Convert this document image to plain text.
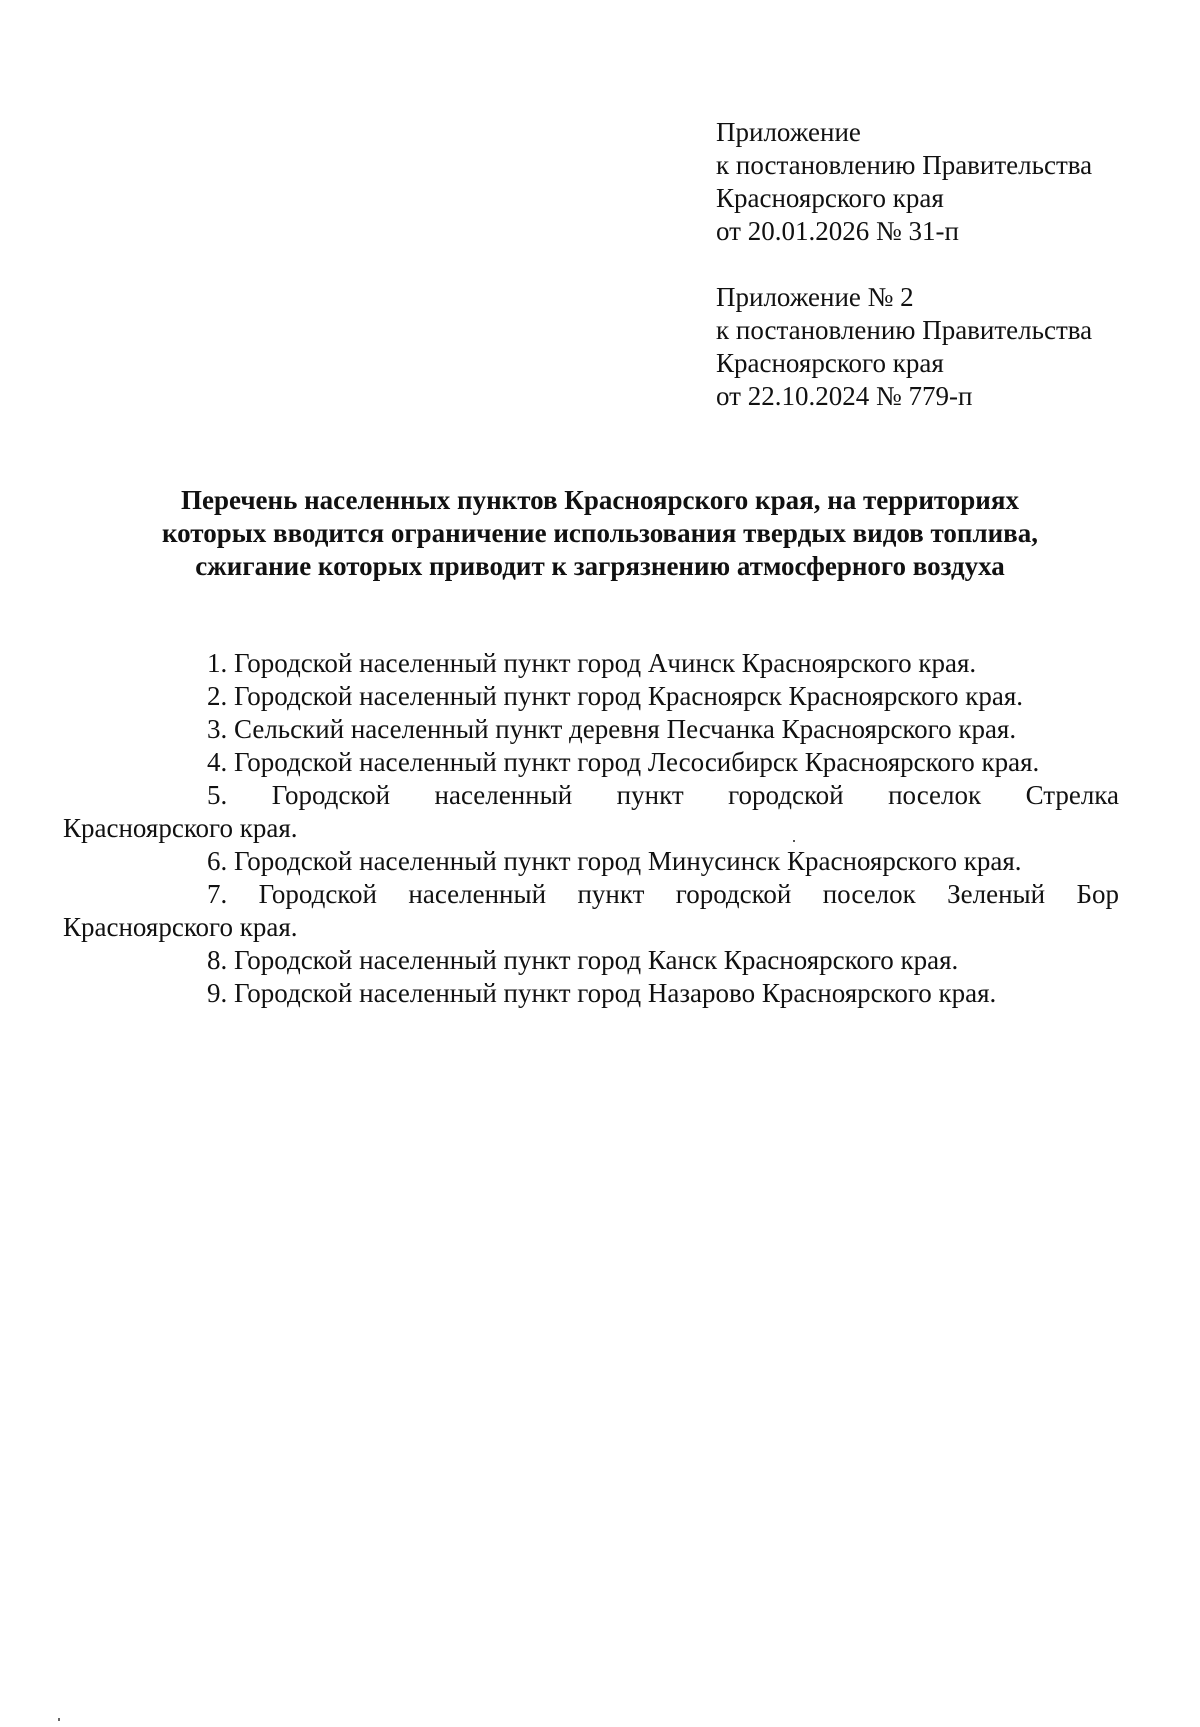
Приложение
к постановлению Правительства
Красноярского края
от 20.01.2026 № 31-п
Приложение № 2
к постановлению Правительства
Красноярского края
от 22.10.2024 № 779-п
Перечень населенных пунктов Красноярского края, на территориях
которых вводится ограничение использования твердых видов топлива,
сжигание которых приводит к загрязнению атмосферного воздуха
1. Городской населенный пункт город Ачинск Красноярского края.
2. Городской населенный пункт город Красноярск Красноярского края.
3. Сельский населенный пункт деревня Песчанка Красноярского края.
4. Городской населенный пункт город Лесосибирск Красноярского края.
5. Городской населенный пункт городской поселок Стрелка
Красноярского края.
6. Городской населенный пункт город Минусинск Красноярского края.
7. Городской населенный пункт городской поселок Зеленый Бор
Красноярского края.
8. Городской населенный пункт город Канск Красноярского края.
9. Городской населенный пункт город Назарово Красноярского края.
